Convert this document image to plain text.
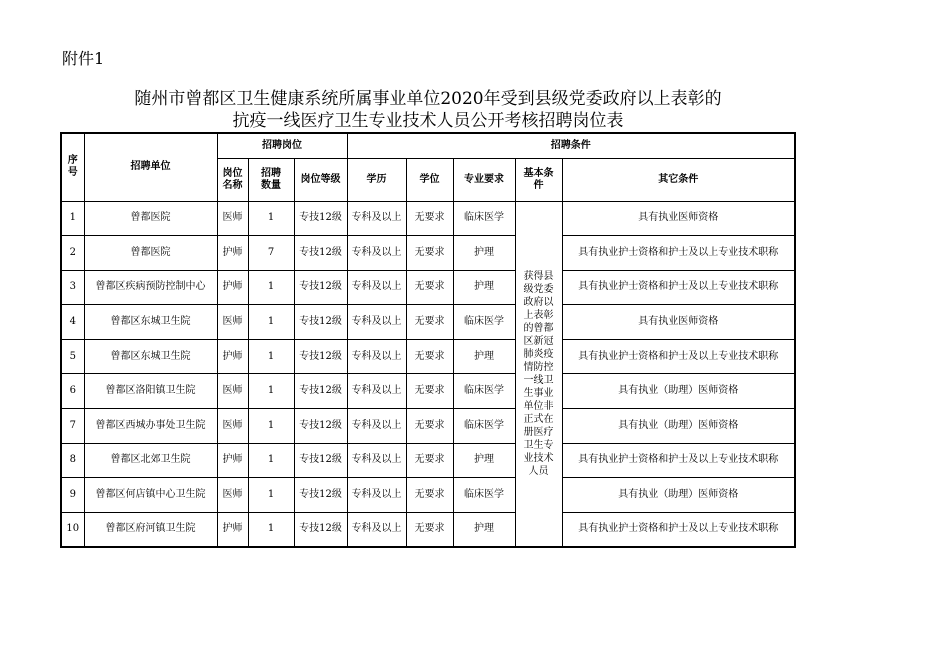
附件1
随州市曾都区卫生健康系统所属事业单位2020年受到县级党委政府以上表彰的
抗疫一线医疗卫生专业技术人员公开考核招聘岗位表
序号	招聘单位	招聘岗位			招聘条件				
		岗位名称	招聘数量	岗位等级	学历	学位	专业要求	基本条件	其它条件
1	曾都医院	医师	1	专技12级	专科及以上	无要求	临床医学	获得县级党委政府以上表彰的曾都区新冠肺炎疫情防控一线卫生事业单位非正式在册医疗卫生专业技术人员	具有执业医师资格
2	曾都医院	护师	7	专技12级	专科及以上	无要求	护理		具有执业护士资格和护士及以上专业技术职称
3	曾都区疾病预防控制中心	护师	1	专技12级	专科及以上	无要求	护理		具有执业护士资格和护士及以上专业技术职称
4	曾都区东城卫生院	医师	1	专技12级	专科及以上	无要求	临床医学		具有执业医师资格
5	曾都区东城卫生院	护师	1	专技12级	专科及以上	无要求	护理		具有执业护士资格和护士及以上专业技术职称
6	曾都区洛阳镇卫生院	医师	1	专技12级	专科及以上	无要求	临床医学		具有执业（助理）医师资格
7	曾都区西城办事处卫生院	医师	1	专技12级	专科及以上	无要求	临床医学		具有执业（助理）医师资格
8	曾都区北郊卫生院	护师	1	专技12级	专科及以上	无要求	护理		具有执业护士资格和护士及以上专业技术职称
9	曾都区何店镇中心卫生院	医师	1	专技12级	专科及以上	无要求	临床医学		具有执业（助理）医师资格
10	曾都区府河镇卫生院	护师	1	专技12级	专科及以上	无要求	护理		具有执业护士资格和护士及以上专业技术职称
